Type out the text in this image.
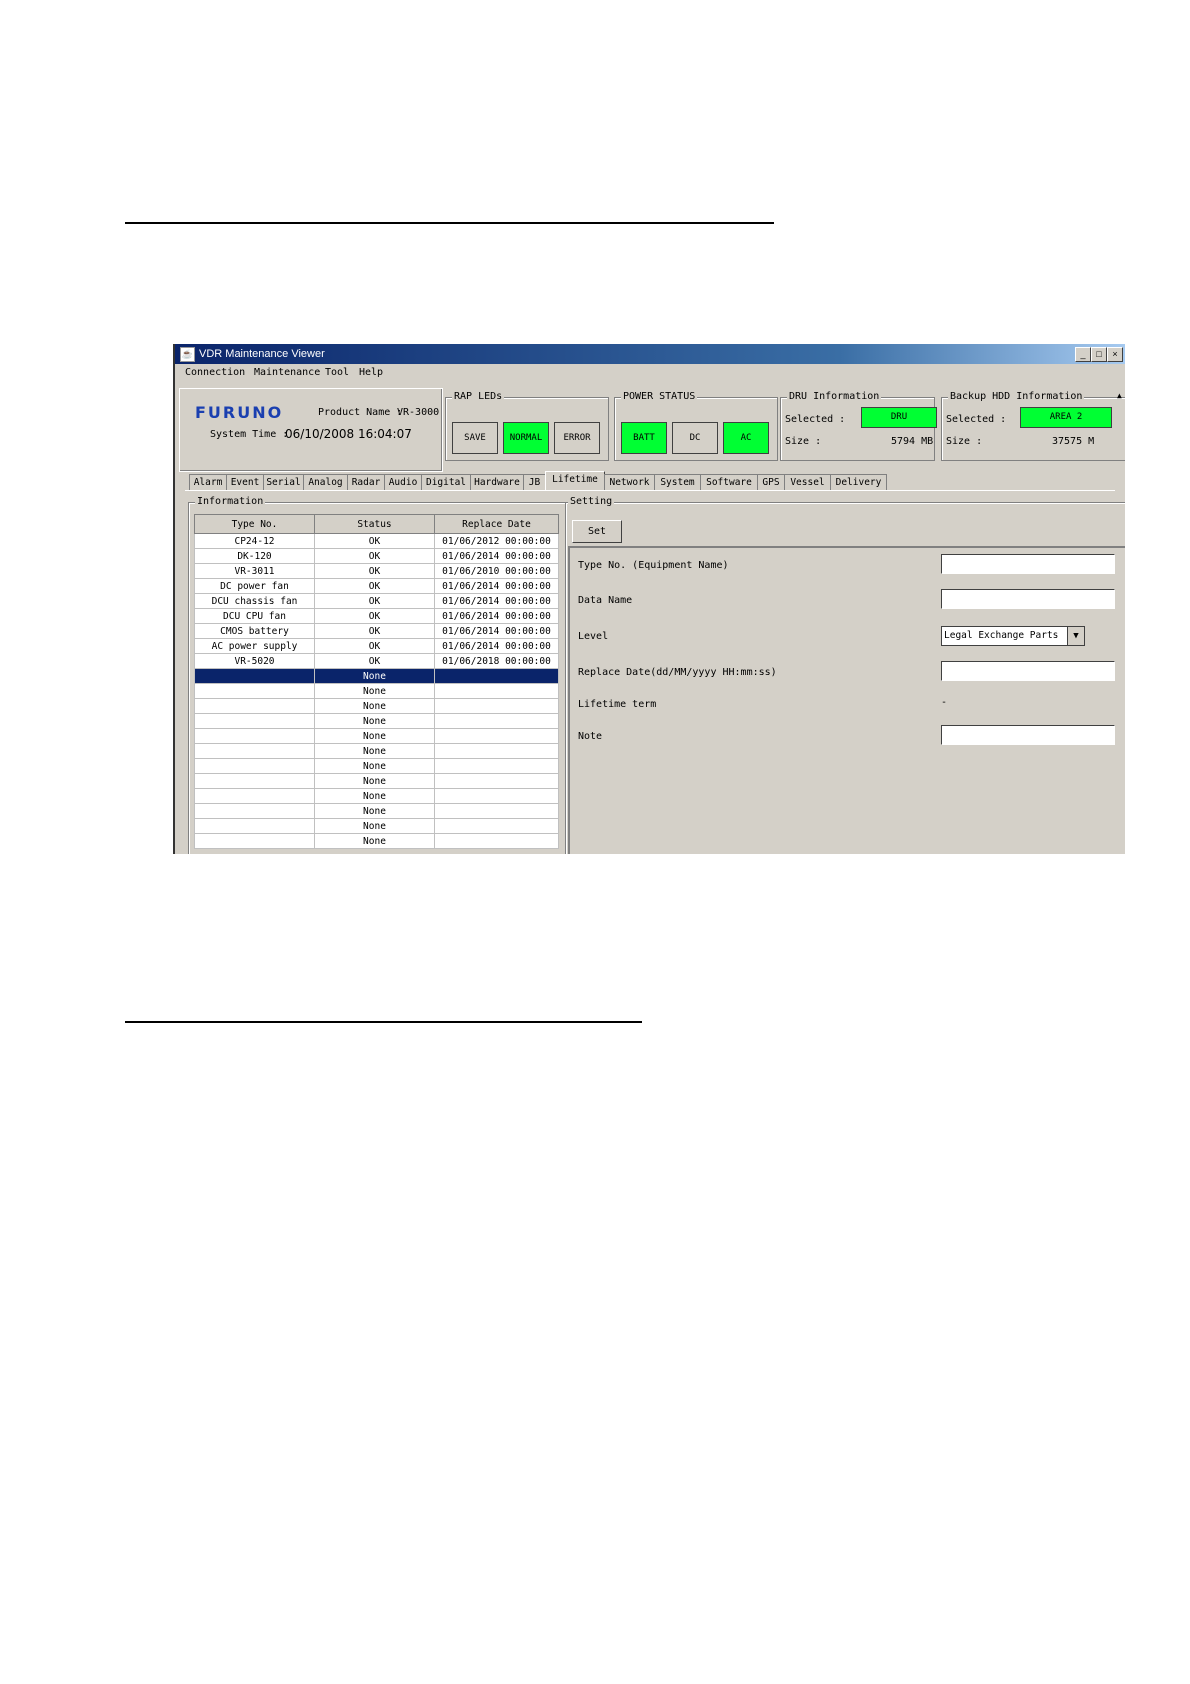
☕ VDR Maintenance Viewer	_	□	×
Connection Maintenance Tool Help
FURUNO	Product Name :
VR-3000
System Time :
06/10/2008 16:04:07
RAP LEDs
SAVE	NORMAL	ERROR
POWER STATUS
BATT	DC	AC
DRU Information
Selected :	DRU
Size :	5794 MB
Backup HDD Information
Selected :	AREA 2
Size :	37575 M
▲
Alarm Event Serial Analog Radar Audio Digital Hardware JB	Lifetime	Network	System	Software	GPS	Vessel	Delivery
Information
Type No.	Status	Replace Date
CP24-12	OK	01/06/2012 00:00:00
DK-120	OK	01/06/2014 00:00:00
VR-3011	OK	01/06/2010 00:00:00
DC power fan	OK	01/06/2014 00:00:00
DCU chassis fan	OK	01/06/2014 00:00:00
DCU CPU fan	OK	01/06/2014 00:00:00
CMOS battery	OK	01/06/2014 00:00:00
AC power supply	OK	01/06/2014 00:00:00
VR-5020	OK	01/06/2018 00:00:00
	None	
	None	
	None	
	None	
	None	
	None	
	None	
	None	
	None	
	None	
	None	
	None	
Setting
Set
Type No. (Equipment Name)
Data Name
Level	Legal Exchange Parts	▼
Replace Date(dd/MM/yyyy HH:mm:ss)
Lifetime term	-
Note
